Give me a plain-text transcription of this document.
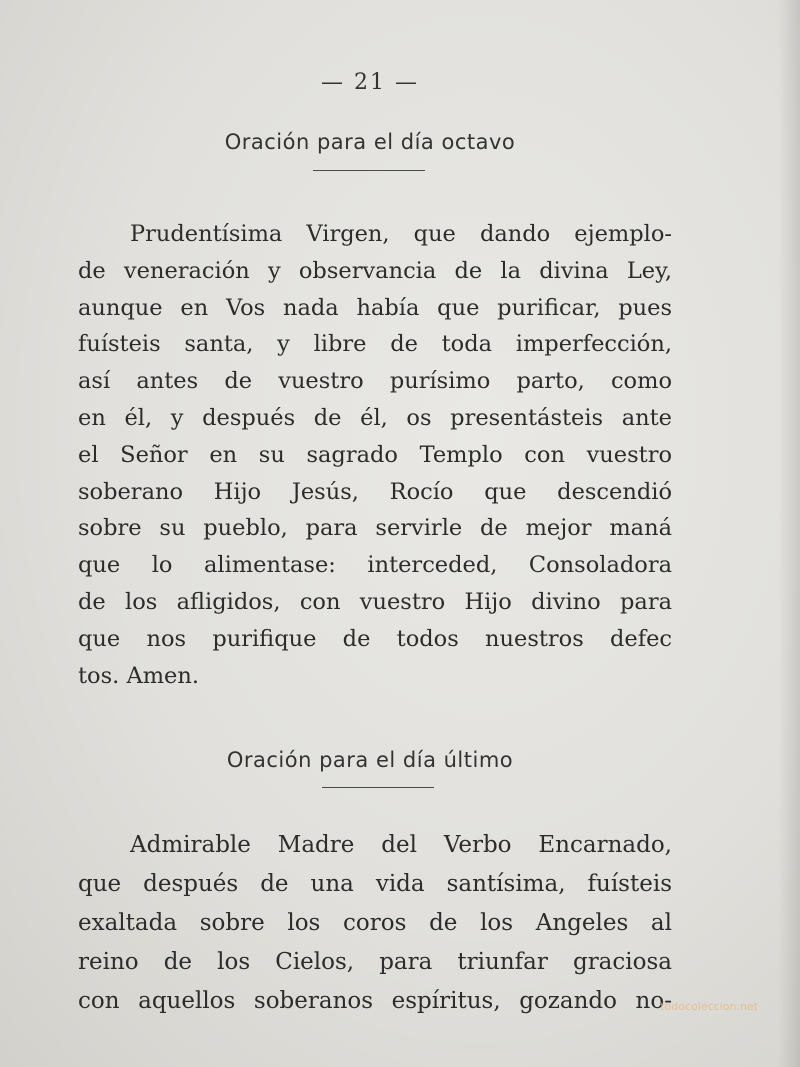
— 21 —
Oración para el día octavo
Prudentísima Virgen, que dando ejemplo-
de veneración y observancia de la divina Ley,
aunque en Vos nada había que purificar, pues
fuísteis santa, y libre de toda imperfección,
así antes de vuestro purísimo parto, como
en él, y después de él, os presentásteis ante
el Señor en su sagrado Templo con vuestro
soberano Hijo Jesús, Rocío que descendió
sobre su pueblo, para servirle de mejor maná
que lo alimentase: interceded, Consoladora
de los afligidos, con vuestro Hijo divino para
que nos purifique de todos nuestros defec
tos. Amen.
Oración para el día último
Admirable Madre del Verbo Encarnado,
que después de una vida santísima, fuísteis
exaltada sobre los coros de los Angeles al
reino de los Cielos, para triunfar graciosa
con aquellos soberanos espíritus, gozando no-
todocoleccion.net
